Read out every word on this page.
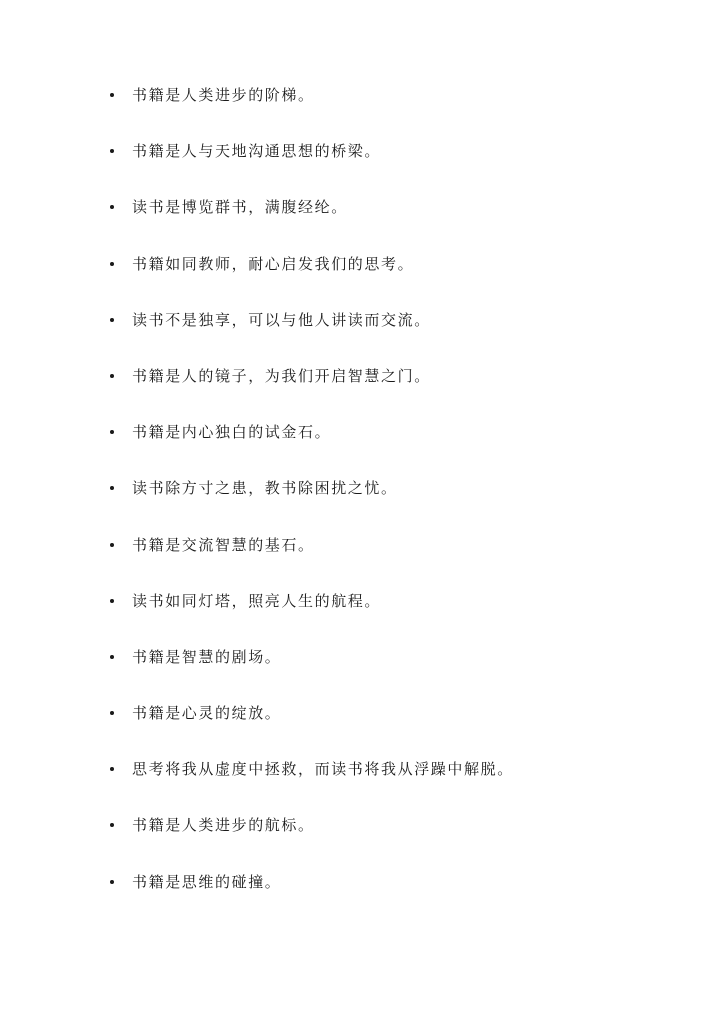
书籍是人类进步的阶梯。
书籍是人与天地沟通思想的桥梁。
读书是博览群书，满腹经纶。
书籍如同教师，耐心启发我们的思考。
读书不是独享，可以与他人讲读而交流。
书籍是人的镜子，为我们开启智慧之门。
书籍是内心独白的试金石。
读书除方寸之患，教书除困扰之忧。
书籍是交流智慧的基石。
读书如同灯塔，照亮人生的航程。
书籍是智慧的剧场。
书籍是心灵的绽放。
思考将我从虚度中拯救，而读书将我从浮躁中解脱。
书籍是人类进步的航标。
书籍是思维的碰撞。
